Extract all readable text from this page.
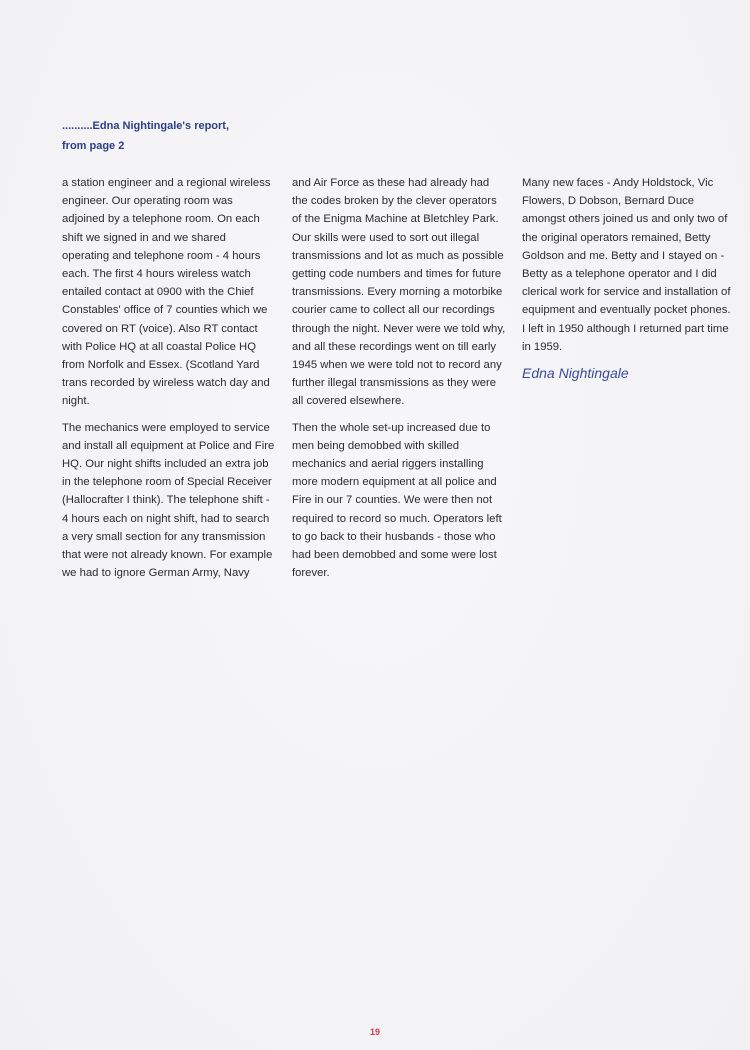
..........Edna Nightingale's report,
from page 2

a station engineer and a regional wireless engineer. Our operating room was adjoined by a telephone room. On each shift we signed in and we shared operating and telephone room - 4 hours each. The first 4 hours wireless watch entailed contact at 0900 with the Chief Constables' office of 7 counties which we covered on RT (voice). Also RT contact with Police HQ at all coastal Police HQ from Norfolk and Essex. (Scotland Yard trans recorded by wireless watch day and night.

The mechanics were employed to service and install all equipment at Police and Fire HQ. Our night shifts included an extra job in the telephone room of Special Receiver (Hallocrafter I think). The telephone shift - 4 hours each on night shift, had to search a very small section for any transmission that were not already known. For example we had to ignore German Army, Navy

and Air Force as these had already had the codes broken by the clever operators of the Enigma Machine at Bletchley Park. Our skills were used to sort out illegal transmissions and lot as much as possible getting code numbers and times for future transmissions. Every morning a motorbike courier came to collect all our recordings through the night. Never were we told why, and all these recordings went on till early 1945 when we were told not to record any further illegal transmissions as they were all covered elsewhere.

Then the whole set-up increased due to men being demobbed with skilled mechanics and aerial riggers installing more modern equipment at all police and Fire in our 7 counties. We were then not required to record so much. Operators left to go back to their husbands - those who had been demobbed and some were lost forever.

Many new faces - Andy Holdstock, Vic Flowers, D Dobson, Bernard Duce amongst others joined us and only two of the original operators remained, Betty Goldson and me. Betty and I stayed on - Betty as a telephone operator and I did clerical work for service and installation of equipment and eventually pocket phones. I left in 1950 although I returned part time in 1959.

Edna Nightingale
19
